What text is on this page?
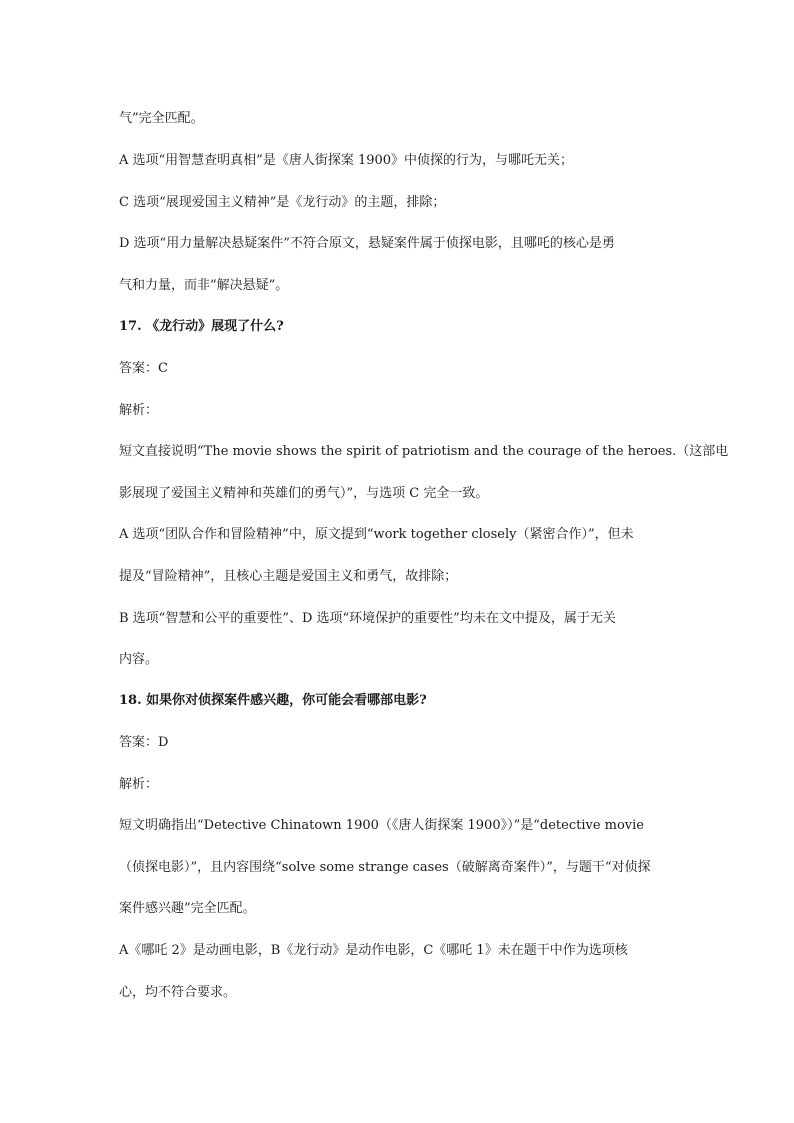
气”完全匹配。
A 选项“用智慧查明真相”是《唐人街探案 1900》中侦探的行为，与哪吒无关；
C 选项“展现爱国主义精神”是《龙行动》的主题，排除；
D 选项“用力量解决悬疑案件”不符合原文，悬疑案件属于侦探电影，且哪吒的核心是勇
气和力量，而非“解决悬疑”。
17. 《龙行动》展现了什么?
答案：C
解析：
短文直接说明“The movie shows the spirit of patriotism and the courage of the heroes.（这部电
影展现了爱国主义精神和英雄们的勇气）”，与选项 C 完全一致。
A 选项“团队合作和冒险精神”中，原文提到“work together closely（紧密合作）”，但未
提及“冒险精神”，且核心主题是爱国主义和勇气，故排除；
B 选项“智慧和公平的重要性”、D 选项“环境保护的重要性”均未在文中提及，属于无关
内容。
18. 如果你对侦探案件感兴趣，你可能会看哪部电影?
答案：D
解析：
短文明确指出“Detective Chinatown 1900（《唐人街探案 1900》）”是“detective movie
（侦探电影）”，且内容围绕“solve some strange cases（破解离奇案件）”，与题干“对侦探
案件感兴趣”完全匹配。
A《哪吒 2》是动画电影，B《龙行动》是动作电影，C《哪吒 1》未在题干中作为选项核
心，均不符合要求。
